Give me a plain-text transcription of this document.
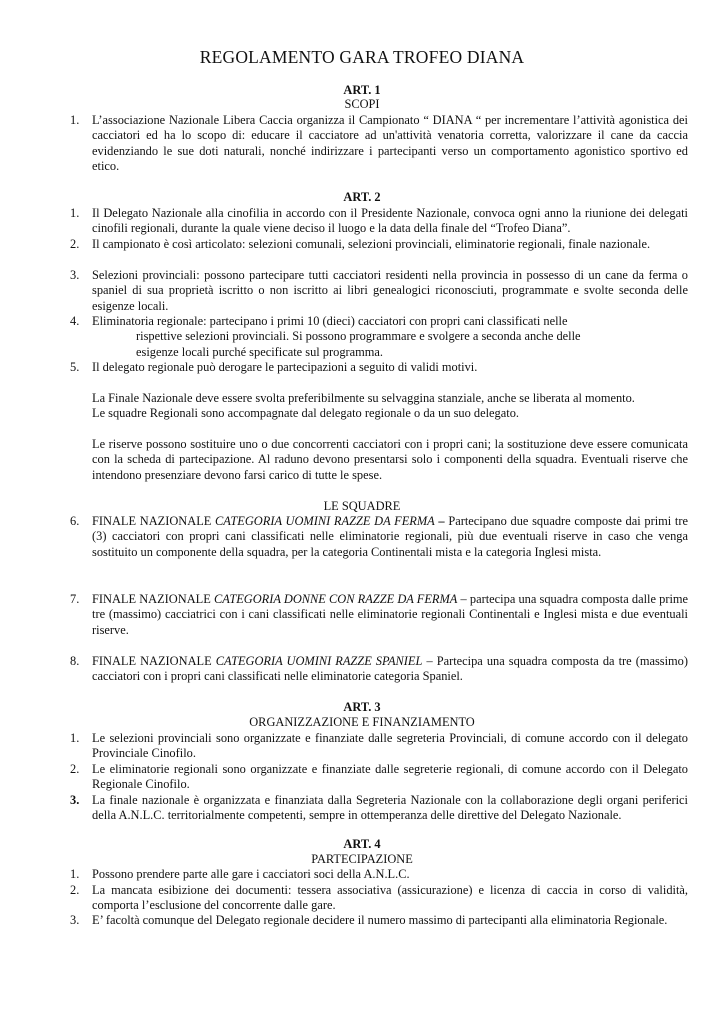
REGOLAMENTO GARA TROFEO DIANA
ART. 1
SCOPI
1.	L’associazione Nazionale Libera Caccia organizza il Campionato “ DIANA “ per incrementare l’attività agonistica dei cacciatori ed ha lo scopo di: educare il cacciatore ad un'attività venatoria corretta, valorizzare il cane da caccia evidenziando le sue doti naturali, nonché indirizzare i partecipanti verso un comportamento agonistico sportivo ed etico.
ART. 2
1.	Il Delegato Nazionale alla cinofilia in accordo con il Presidente Nazionale, convoca ogni anno la riunione dei delegati cinofili regionali, durante la quale viene deciso il luogo e la data della finale del “Trofeo Diana”.
2.	Il campionato è così articolato: selezioni comunali, selezioni provinciali, eliminatorie regionali, finale nazionale.
3.	Selezioni provinciali: possono partecipare tutti cacciatori residenti nella provincia in possesso di un cane da ferma o spaniel di sua proprietà iscritto o non iscritto ai libri genealogici riconosciuti, programmate e svolte seconda delle esigenze locali.
4.	Eliminatoria regionale: partecipano i primi 10 (dieci) cacciatori con propri cani classificati nelle
rispettive selezioni provinciali. Si possono programmare e svolgere a seconda anche delle
esigenze locali purché specificate sul programma.
5.	Il delegato regionale può derogare le partecipazioni a seguito di validi motivi.
La Finale Nazionale deve essere svolta preferibilmente su selvaggina stanziale, anche se liberata al momento.
Le squadre Regionali sono accompagnate dal delegato regionale o da un suo delegato.
Le riserve possono sostituire uno o due concorrenti cacciatori con i propri cani; la sostituzione deve essere comunicata con la scheda di partecipazione. Al raduno devono presentarsi solo i componenti della squadra. Eventuali riserve che intendono presenziare devono farsi carico di tutte le spese.
LE SQUADRE
6.	FINALE NAZIONALE CATEGORIA UOMINI RAZZE DA FERMA – Partecipano due squadre composte dai primi tre (3) cacciatori con propri cani classificati nelle eliminatorie regionali, più due eventuali riserve in caso che venga sostituito un componente della squadra, per la categoria Continentali mista e la categoria Inglesi mista.
7.	FINALE NAZIONALE CATEGORIA DONNE CON RAZZE DA FERMA – partecipa una squadra composta dalle prime tre (massimo) cacciatrici con i cani classificati nelle eliminatorie regionali Continentali e Inglesi mista e due eventuali riserve.
8.	FINALE NAZIONALE CATEGORIA UOMINI RAZZE SPANIEL – Partecipa una squadra composta da tre (massimo) cacciatori con i propri cani classificati nelle eliminatorie categoria Spaniel.
ART. 3
ORGANIZZAZIONE E FINANZIAMENTO
1.	Le selezioni provinciali sono organizzate e finanziate dalle segreteria Provinciali, di comune accordo con il delegato Provinciale Cinofilo.
2.	Le eliminatorie regionali sono organizzate e finanziate dalle segreterie regionali, di comune accordo con il Delegato Regionale Cinofilo.
3.	La finale nazionale è organizzata e finanziata dalla Segreteria Nazionale con la collaborazione degli organi periferici della A.N.L.C. territorialmente competenti, sempre in ottemperanza delle direttive del Delegato Nazionale.
ART. 4
PARTECIPAZIONE
1.	Possono prendere parte alle gare i cacciatori soci della A.N.L.C.
2.	La mancata esibizione dei documenti: tessera associativa (assicurazione) e licenza di caccia in corso di validità, comporta l’esclusione del concorrente dalle gare.
3.	E’ facoltà comunque del Delegato regionale decidere il numero massimo di partecipanti alla eliminatoria Regionale.
